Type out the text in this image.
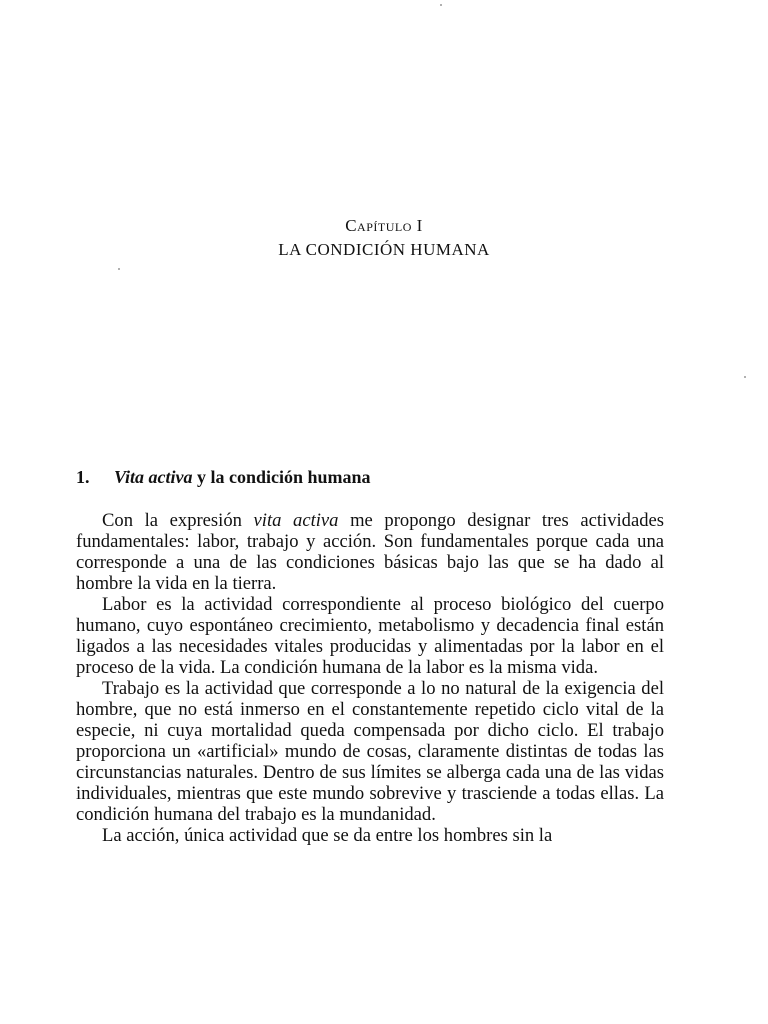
Capítulo I
LA CONDICIÓN HUMANA
1. Vita activa y la condición humana

Con la expresión vita activa me propongo designar tres actividades fundamentales: labor, trabajo y acción. Son fundamentales porque cada una corresponde a una de las condiciones básicas bajo las que se ha dado al hombre la vida en la tierra.

Labor es la actividad correspondiente al proceso biológico del cuerpo humano, cuyo espontáneo crecimiento, metabolismo y decadencia final están ligados a las necesidades vitales producidas y alimentadas por la labor en el proceso de la vida. La condición humana de la labor es la misma vida.

Trabajo es la actividad que corresponde a lo no natural de la exigencia del hombre, que no está inmerso en el constantemente repetido ciclo vital de la especie, ni cuya mortalidad queda compensada por dicho ciclo. El trabajo proporciona un «artificial» mundo de cosas, claramente distintas de todas las circunstancias naturales. Dentro de sus límites se alberga cada una de las vidas individuales, mientras que este mundo sobrevive y trasciende a todas ellas. La condición humana del trabajo es la mundanidad.

La acción, única actividad que se da entre los hombres sin la
